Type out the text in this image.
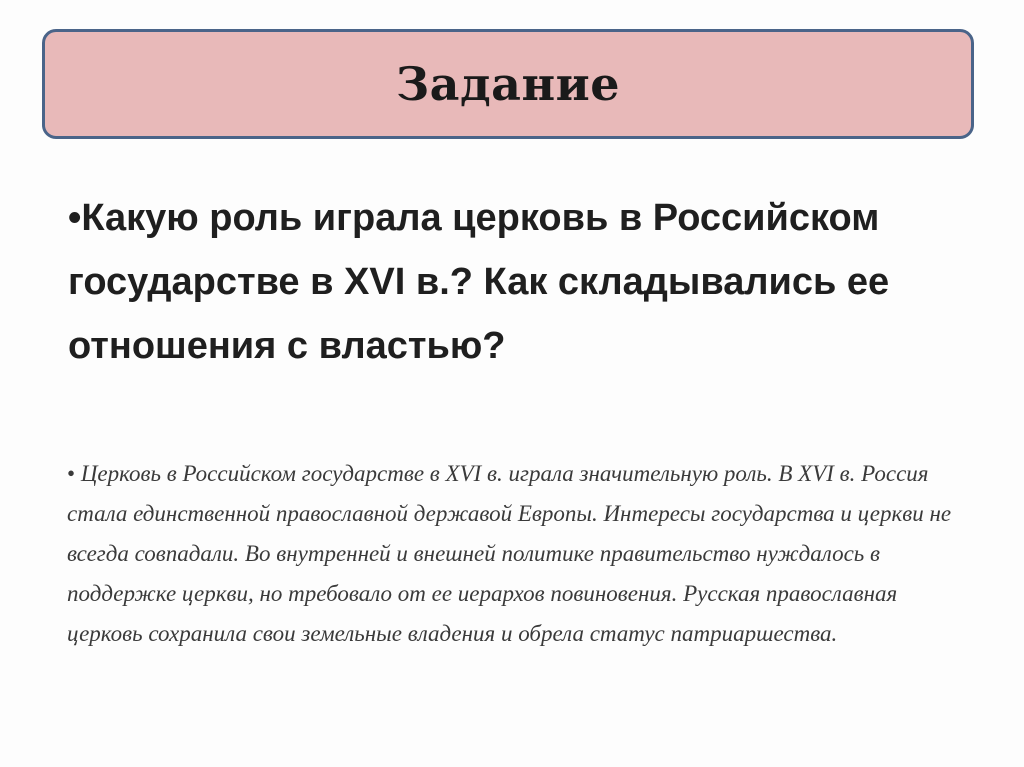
Задание
•Какую роль играла церковь в Российском государстве в XVI в.? Как складывались ее отношения с властью?
• Церковь в Российском государстве в XVI в. играла значительную роль. В XVI в. Россия стала единственной православной державой Европы. Интересы государства и церкви не всегда совпадали. Во внутренней и внешней политике правительство нуждалось в поддержке церкви, но требовало от ее иерархов повиновения. Русская православная церковь сохранила свои земельные владения и обрела статус патриаршества.
